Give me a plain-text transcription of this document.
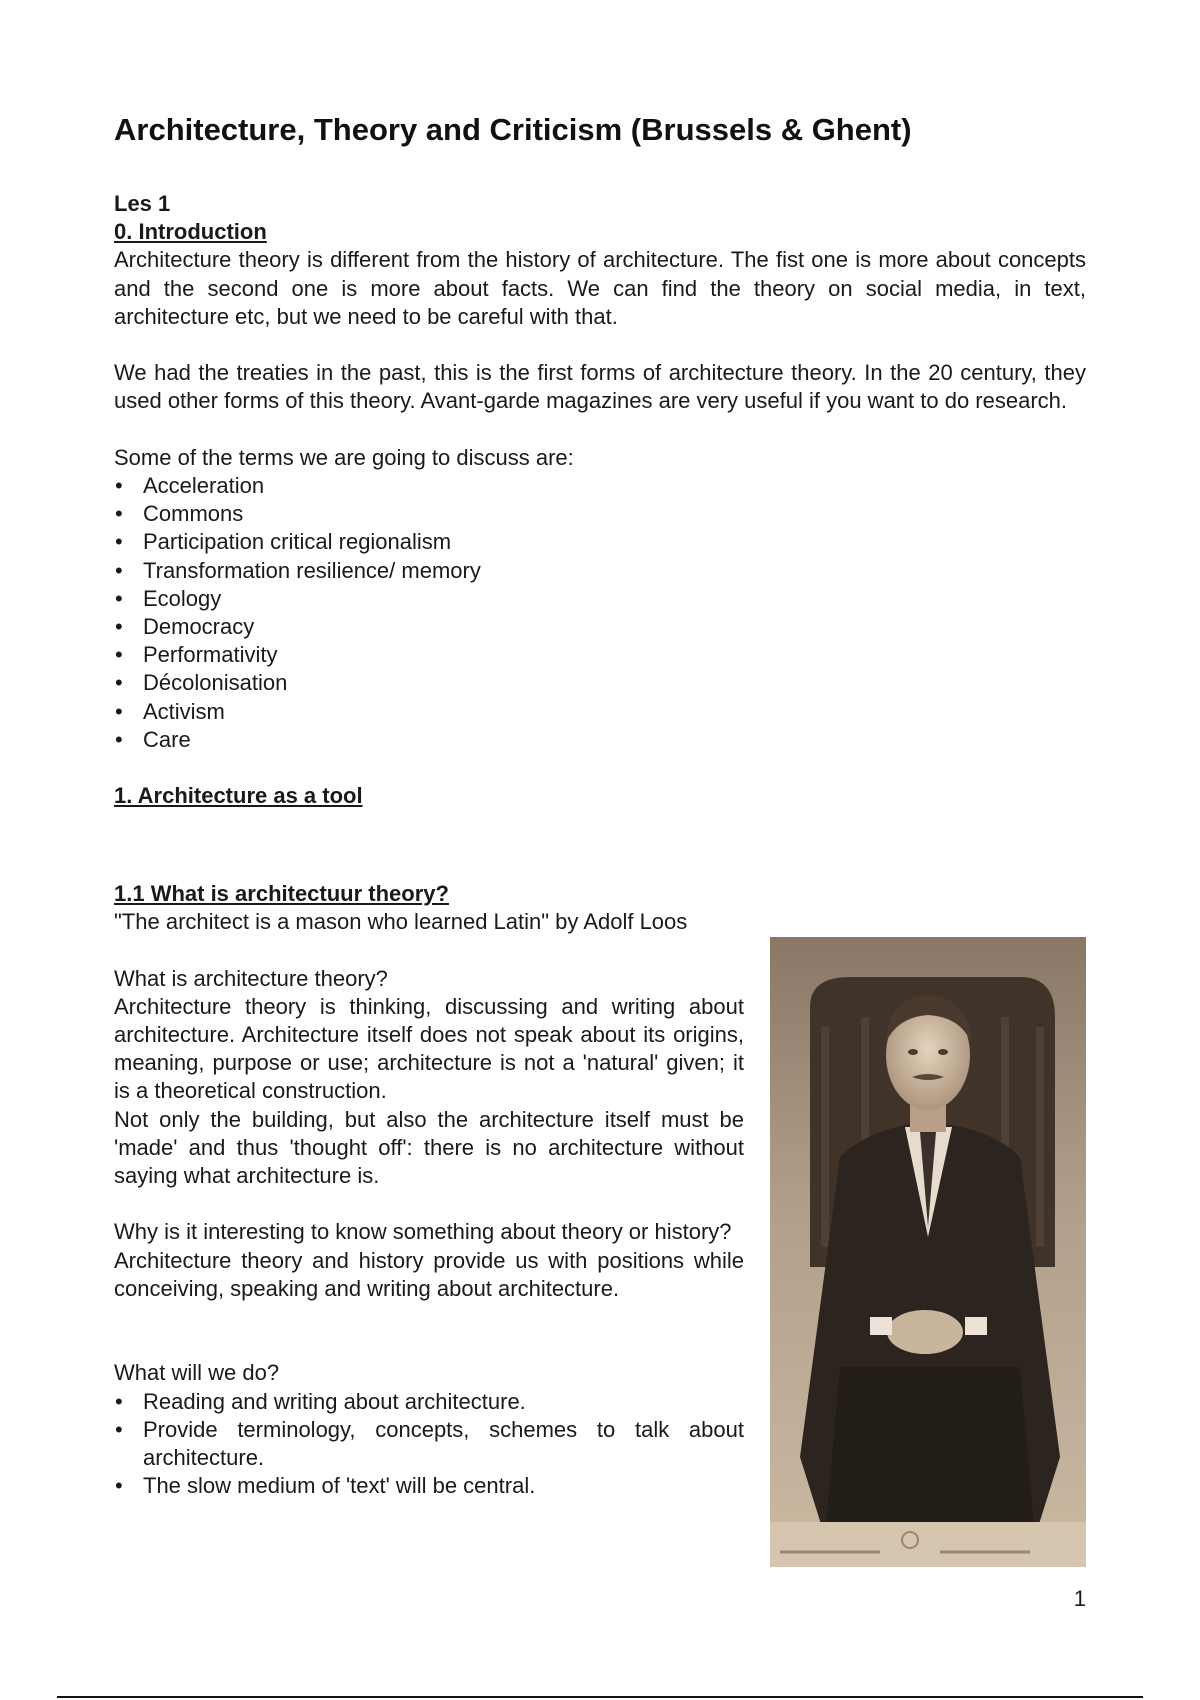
Architecture, Theory and Criticism (Brussels & Ghent)

Les 1

0. Introduction

Architecture theory is different from the history of architecture. The fist one is more about concepts and the second one is more about facts. We can find the theory on social media, in text, architecture etc, but we need to be careful with that.

We had the treaties in the past, this is the first forms of architecture theory. In the 20 century, they used other forms of this theory. Avant-garde magazines are very useful if you want to do research.

Some of the terms we are going to discuss are:

• Acceleration
• Commons
• Participation critical regionalism
• Transformation resilience/ memory
• Ecology
• Democracy
• Performativity
• Décolonisation
• Activism
• Care

1. Architecture as a tool

1.1 What is architectuur theory?

"The architect is a mason who learned Latin" by Adolf Loos

What is architecture theory?

Architecture theory is thinking, discussing and writing about architecture. Architecture itself does not speak about its origins, meaning, purpose or use; architecture is not a 'natural' given; it is a theoretical construction.

Not only the building, but also the architecture itself must be 'made' and thus 'thought off': there is no architecture without saying what architecture is.

Why is it interesting to know something about theory or history?

Architecture theory and history provide us with positions while conceiving, speaking and writing about architecture.

What will we do?

• Reading and writing about architecture.
• Provide terminology, concepts, schemes to talk about architecture.
• The slow medium of 'text' will be central.
1
